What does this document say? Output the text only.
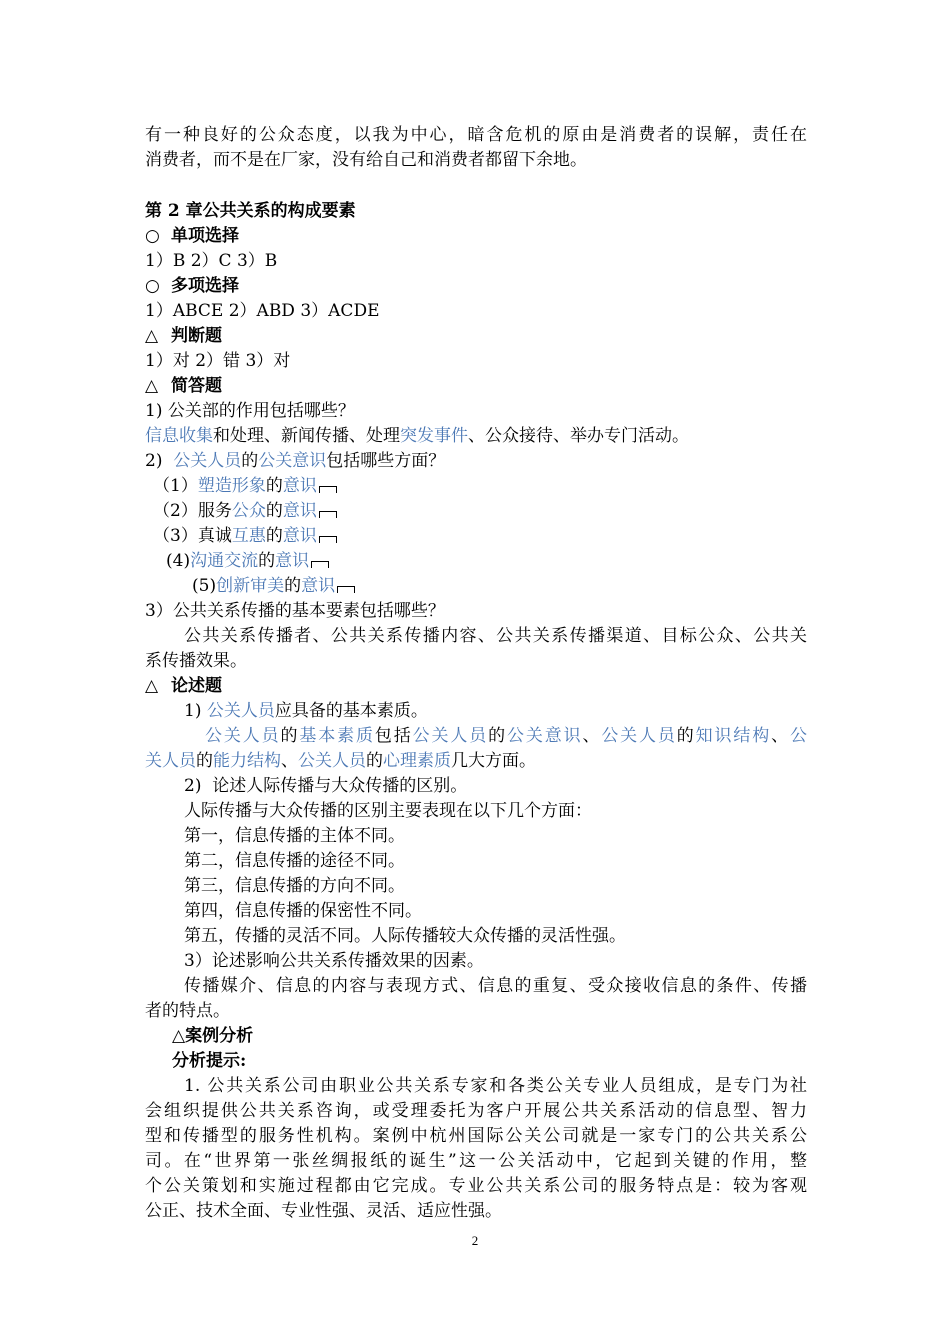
有一种良好的公众态度，以我为中心，暗含危机的原由是消费者的误解，责任在
消费者，而不是在厂家，没有给自己和消费者都留下余地。
第 2 章公共关系的构成要素
○ 单项选择
1）B 2）C 3）B
○ 多项选择
1）ABCE 2）ABD 3）ACDE
△ 判断题
1）对 2）错 3）对
△ 简答题
1) 公关部的作用包括哪些？
信息收集和处理、新闻传播、处理突发事件、公众接待、举办专门活动。
2)  公关人员的公关意识包括哪些方面？
（1）塑造形象的意识
（2）服务公众的意识
（3）真诚互惠的意识
(4)沟通交流的意识
(5)创新审美的意识
3）公共关系传播的基本要素包括哪些？
公共关系传播者、公共关系传播内容、公共关系传播渠道、目标公众、公共关
系传播效果。
△ 论述题
1) 公关人员应具备的基本素质。
公关人员的基本素质包括公关人员的公关意识、公关人员的知识结构、公
关人员的能力结构、公关人员的心理素质几大方面。
2)  论述人际传播与大众传播的区别。
人际传播与大众传播的区别主要表现在以下几个方面：
第一，信息传播的主体不同。
第二，信息传播的途径不同。
第三，信息传播的方向不同。
第四，信息传播的保密性不同。
第五，传播的灵活不同。人际传播较大众传播的灵活性强。
3）论述影响公共关系传播效果的因素。
传播媒介、信息的内容与表现方式、信息的重复、受众接收信息的条件、传播
者的特点。
△案例分析
分析提示:
1. 公共关系公司由职业公共关系专家和各类公关专业人员组成，是专门为社
会组织提供公共关系咨询，或受理委托为客户开展公共关系活动的信息型、智力
型和传播型的服务性机构。案例中杭州国际公关公司就是一家专门的公共关系公
司。在“世界第一张丝绸报纸的诞生”这一公关活动中，它起到关键的作用，整
个公关策划和实施过程都由它完成。专业公共关系公司的服务特点是：较为客观
公正、技术全面、专业性强、灵活、适应性强。
2
